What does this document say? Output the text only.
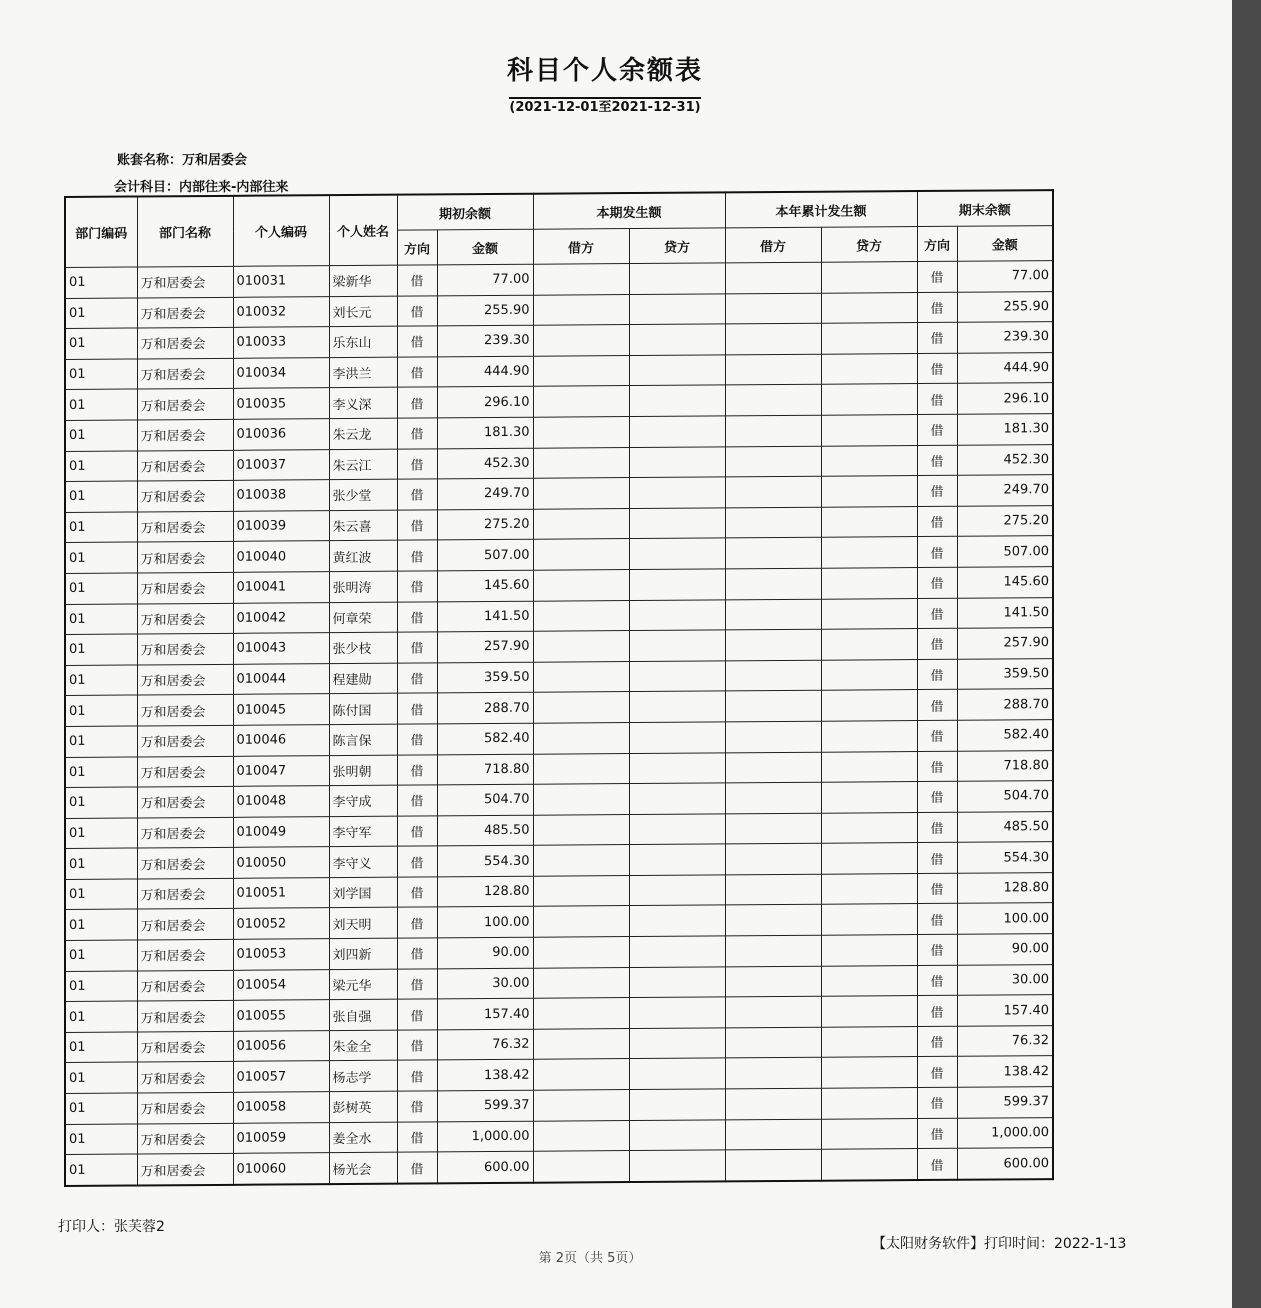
科目个人余额表
(2021-12-01至2021-12-31)
账套名称：万和居委会
会计科目：内部往来-内部往来
部门编码	部门名称	个人编码	个人姓名	期初余额		本期发生额		本年累计发生额		期末余额	
				方向	金额	借方	贷方	借方	贷方	方向	金额
01	万和居委会	010031	梁新华	借	77.00					借	77.00
01	万和居委会	010032	刘长元	借	255.90					借	255.90
01	万和居委会	010033	乐东山	借	239.30					借	239.30
01	万和居委会	010034	李洪兰	借	444.90					借	444.90
01	万和居委会	010035	李义深	借	296.10					借	296.10
01	万和居委会	010036	朱云龙	借	181.30					借	181.30
01	万和居委会	010037	朱云江	借	452.30					借	452.30
01	万和居委会	010038	张少堂	借	249.70					借	249.70
01	万和居委会	010039	朱云喜	借	275.20					借	275.20
01	万和居委会	010040	黄红波	借	507.00					借	507.00
01	万和居委会	010041	张明涛	借	145.60					借	145.60
01	万和居委会	010042	何章荣	借	141.50					借	141.50
01	万和居委会	010043	张少枝	借	257.90					借	257.90
01	万和居委会	010044	程建勋	借	359.50					借	359.50
01	万和居委会	010045	陈付国	借	288.70					借	288.70
01	万和居委会	010046	陈言保	借	582.40					借	582.40
01	万和居委会	010047	张明朝	借	718.80					借	718.80
01	万和居委会	010048	李守成	借	504.70					借	504.70
01	万和居委会	010049	李守军	借	485.50					借	485.50
01	万和居委会	010050	李守义	借	554.30					借	554.30
01	万和居委会	010051	刘学国	借	128.80					借	128.80
01	万和居委会	010052	刘天明	借	100.00					借	100.00
01	万和居委会	010053	刘四新	借	90.00					借	90.00
01	万和居委会	010054	梁元华	借	30.00					借	30.00
01	万和居委会	010055	张自强	借	157.40					借	157.40
01	万和居委会	010056	朱金全	借	76.32					借	76.32
01	万和居委会	010057	杨志学	借	138.42					借	138.42
01	万和居委会	010058	彭树英	借	599.37					借	599.37
01	万和居委会	010059	姜全水	借	1,000.00					借	1,000.00
01	万和居委会	010060	杨光会	借	600.00					借	600.00
打印人：张芙蓉2
【太阳财务软件】打印时间：2022-1-13
第 2页（共 5页）
